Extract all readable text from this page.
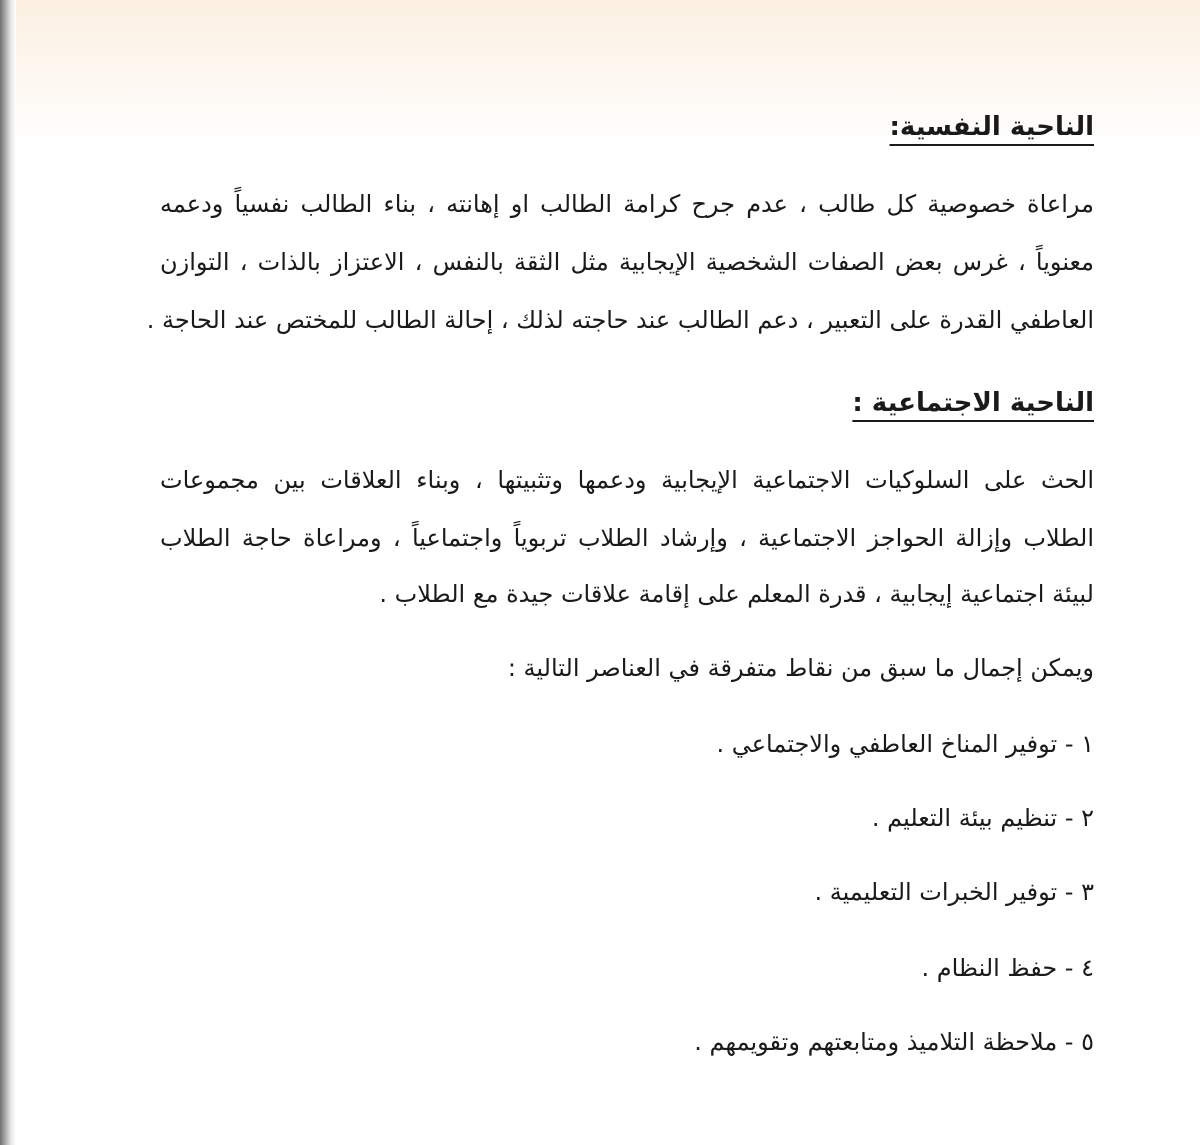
الناحية النفسية:
مراعاة خصوصية كل طالب ، عدم جرح كرامة الطالب او إهانته ، بناء الطالب نفسياً ودعمه
معنوياً ، غرس بعض الصفات الشخصية الإيجابية مثل الثقة بالنفس ، الاعتزاز بالذات ، التوازن
العاطفي القدرة على التعبير ، دعم الطالب عند حاجته لذلك ، إحالة الطالب للمختص عند الحاجة .
الناحية الاجتماعية :
الحث على السلوكيات الاجتماعية الإيجابية ودعمها وتثبيتها ، وبناء العلاقات بين مجموعات
الطلاب وإزالة الحواجز الاجتماعية ، وإرشاد الطلاب تربوياً واجتماعياً ، ومراعاة حاجة الطلاب
لبيئة اجتماعية إيجابية ، قدرة المعلم على إقامة علاقات جيدة مع الطلاب .
ويمكن إجمال ما سبق من نقاط متفرقة في العناصر التالية :
١ - توفير المناخ العاطفي والاجتماعي .
٢ - تنظيم بيئة التعليم .
٣ - توفير الخبرات التعليمية .
٤ - حفظ النظام .
٥ - ملاحظة التلاميذ ومتابعتهم وتقويمهم .
